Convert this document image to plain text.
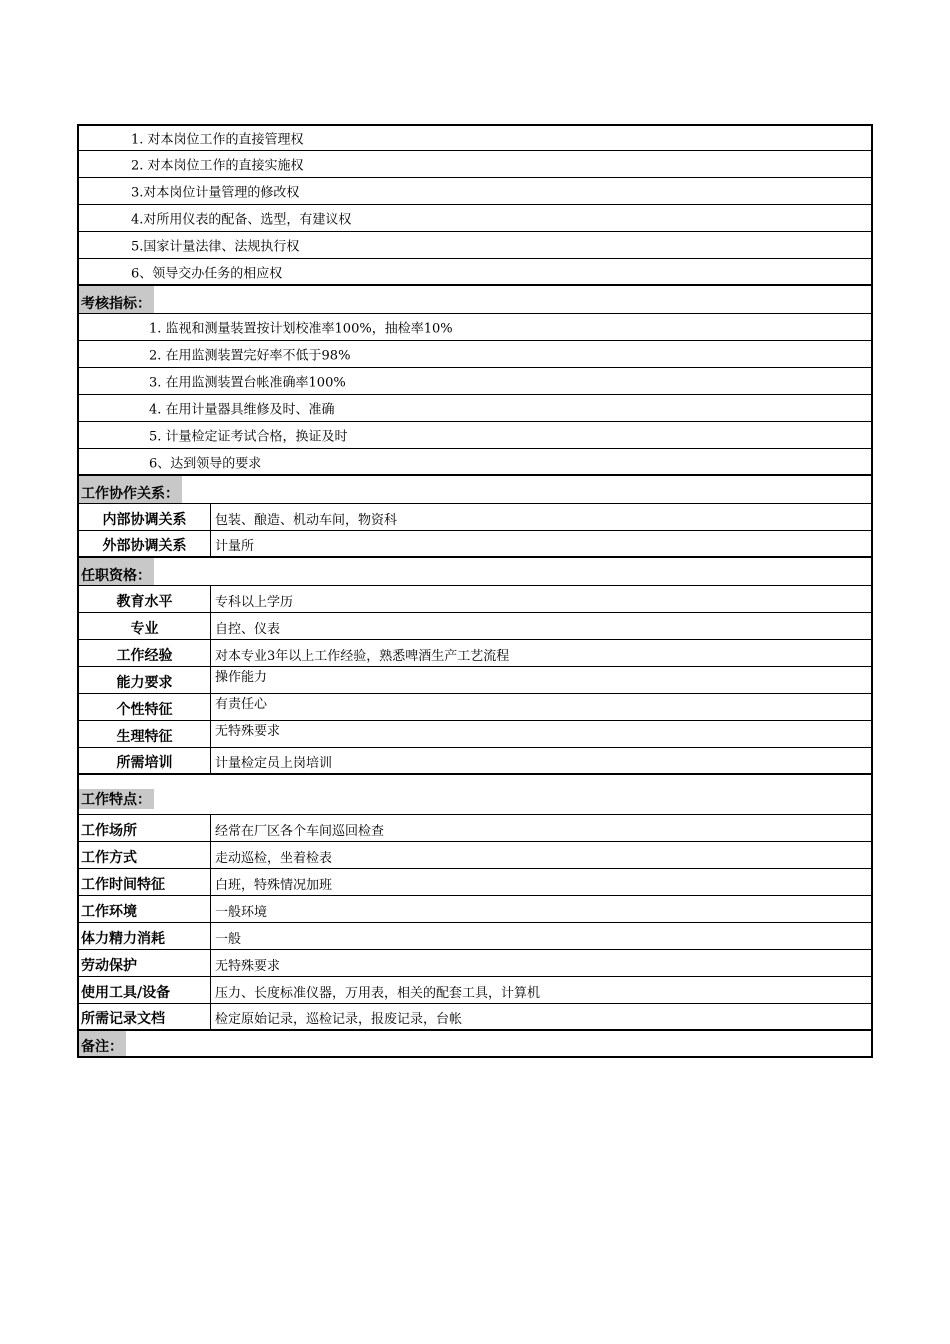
1. 对本岗位工作的直接管理权
2. 对本岗位工作的直接实施权
3.对本岗位计量管理的修改权
4.对所用仪表的配备、选型，有建议权
5.国家计量法律、法规执行权
6、领导交办任务的相应权
考核指标：
1. 监视和测量装置按计划校准率100%，抽检率10%
2. 在用监测装置完好率不低于98%
3. 在用监测装置台帐准确率100%
4. 在用计量器具维修及时、准确
5. 计量检定证考试合格，换证及时
6、达到领导的要求
工作协作关系：
内部协调关系	包装、酿造、机动车间，物资科
外部协调关系	计量所
任职资格：
教育水平	专科以上学历
专业	自控、仪表
工作经验	对本专业3年以上工作经验，熟悉啤酒生产工艺流程
能力要求	操作能力
个性特征	有责任心
生理特征	无特殊要求
所需培训	计量检定员上岗培训
工作特点：
工作场所	经常在厂区各个车间巡回检查
工作方式	走动巡检，坐着检表
工作时间特征	白班，特殊情况加班
工作环境	一般环境
体力精力消耗	一般
劳动保护	无特殊要求
使用工具/设备	压力、长度标准仪器，万用表，相关的配套工具，计算机
所需记录文档	检定原始记录，巡检记录，报废记录，台帐
备注：
